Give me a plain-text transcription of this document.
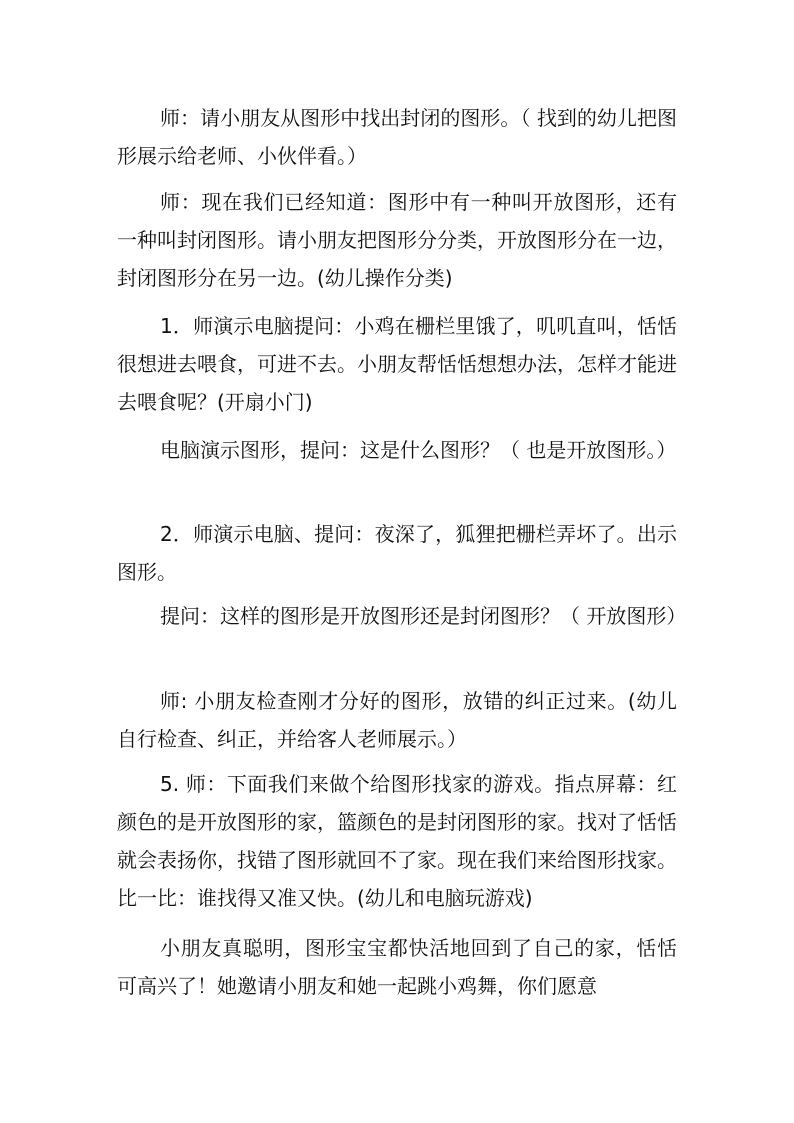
师：请小朋友从图形中找出封闭的图形。（ 找到的幼儿把图形展示给老师、小伙伴看。）

师：现在我们已经知道：图形中有一种叫开放图形，还有一种叫封闭图形。请小朋友把图形分分类，开放图形分在一边，封闭图形分在另一边。(幼儿操作分类)

1．师演示电脑提问：小鸡在栅栏里饿了，叽叽直叫，恬恬很想进去喂食，可进不去。小朋友帮恬恬想想办法，怎样才能进去喂食呢？(开扇小门)

电脑演示图形，提问：这是什么图形？（ 也是开放图形。）

2．师演示电脑、提问：夜深了，狐狸把栅栏弄坏了。出示图形。

提问：这样的图形是开放图形还是封闭图形？（ 开放图形）

师: 小朋友检查刚才分好的图形，放错的纠正过来。(幼儿自行检查、纠正，并给客人老师展示。）

5. 师：下面我们来做个给图形找家的游戏。指点屏幕：红颜色的是开放图形的家，篮颜色的是封闭图形的家。找对了恬恬就会表扬你，找错了图形就回不了家。现在我们来给图形找家。比一比：谁找得又准又快。(幼儿和电脑玩游戏)

小朋友真聪明，图形宝宝都快活地回到了自己的家，恬恬可高兴了！她邀请小朋友和她一起跳小鸡舞，你们愿意
